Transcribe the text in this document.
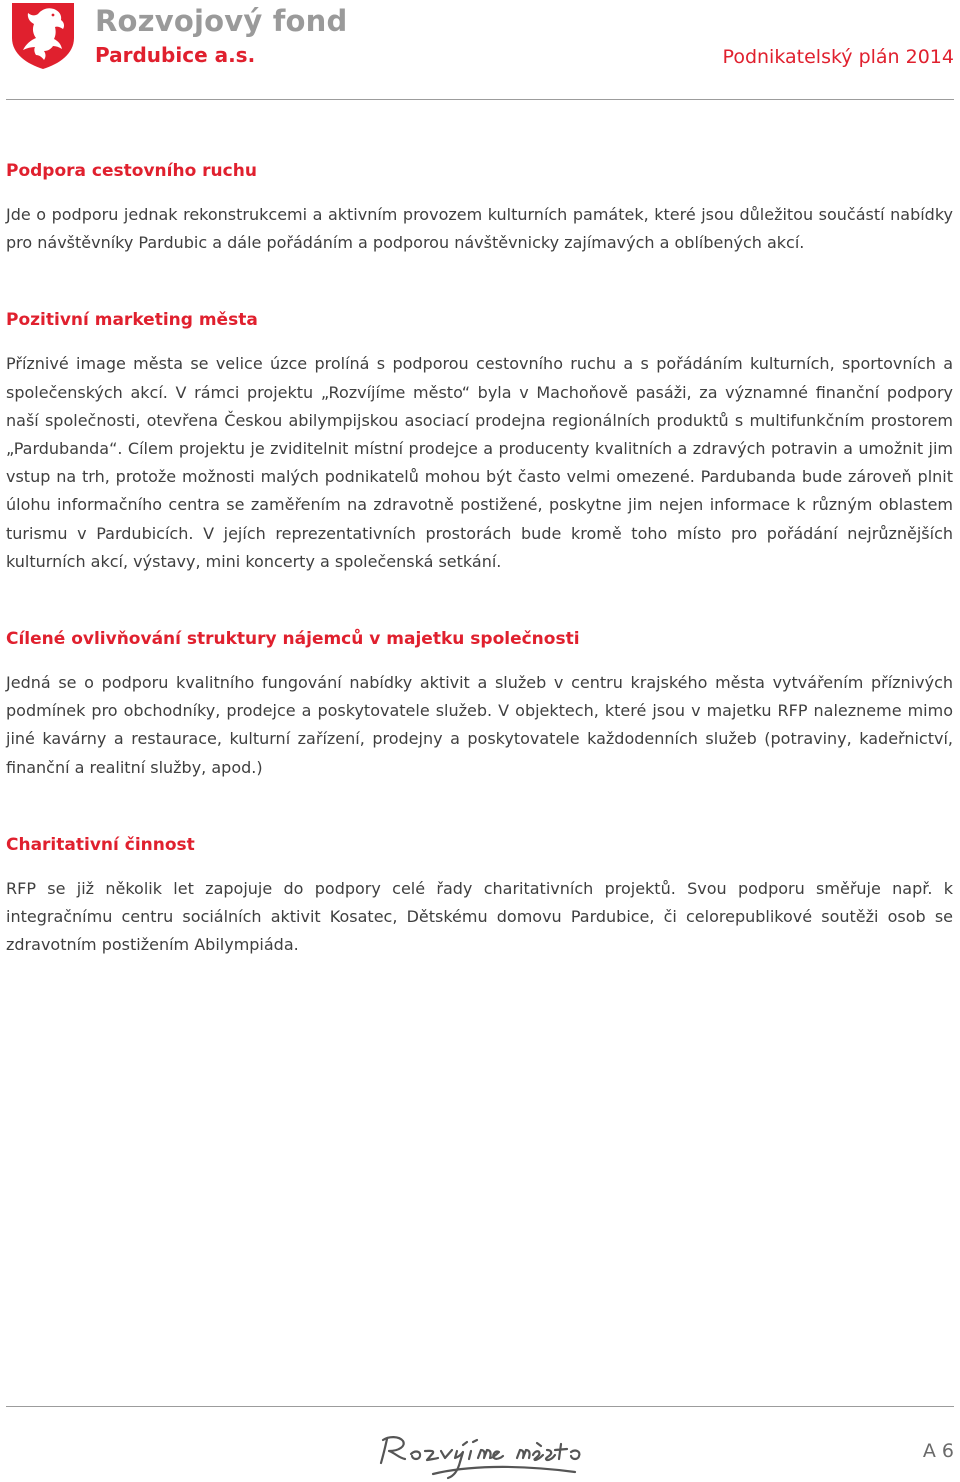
Rozvojový fond
Pardubice a.s.	Podnikatelský plán 2014
Podpora cestovního ruchu

Jde o podporu jednak rekonstrukcemi a aktivním provozem kulturních památek, které jsou důležitou součástí nabídky pro návštěvníky Pardubic a dále pořádáním a podporou návštěvnicky zajímavých a oblíbených akcí.

Pozitivní marketing města

Příznivé image města se velice úzce prolíná s podporou cestovního ruchu a s pořádáním kulturních, sportovních a společenských akcí. V rámci projektu „Rozvíjíme město“ byla v Machoňově pasáži, za významné finanční podpory naší společnosti, otevřena Českou abilympijskou asociací prodejna regionálních produktů s multifunkčním prostorem „Pardubanda“. Cílem projektu je zviditelnit místní prodejce a producenty kvalitních a zdravých potravin a umožnit jim vstup na trh, protože možnosti malých podnikatelů mohou být často velmi omezené. Pardubanda bude zároveň plnit úlohu informačního centra se zaměřením na zdravotně postižené, poskytne jim nejen informace k různým oblastem turismu v Pardubicích. V jejích reprezentativních prostorách bude kromě toho místo pro pořádání nejrůznějších kulturních akcí, výstavy, mini koncerty a společenská setkání.

Cílené ovlivňování struktury nájemců v majetku společnosti

Jedná se o podporu kvalitního fungování nabídky aktivit a služeb v centru krajského města vytvářením příznivých podmínek pro obchodníky, prodejce a poskytovatele služeb. V objektech, které jsou v majetku RFP nalezneme mimo jiné kavárny a restaurace, kulturní zařízení, prodejny a poskytovatele každodenních služeb (potraviny, kadeřnictví, finanční a realitní služby, apod.)

Charitativní činnost

RFP se již několik let zapojuje do podpory celé řady charitativních projektů. Svou podporu směřuje např. k integračnímu centru sociálních aktivit Kosatec, Dětskému domovu Pardubice, či celorepublikové soutěži osob se zdravotním postižením Abilympiáda.

A 6
